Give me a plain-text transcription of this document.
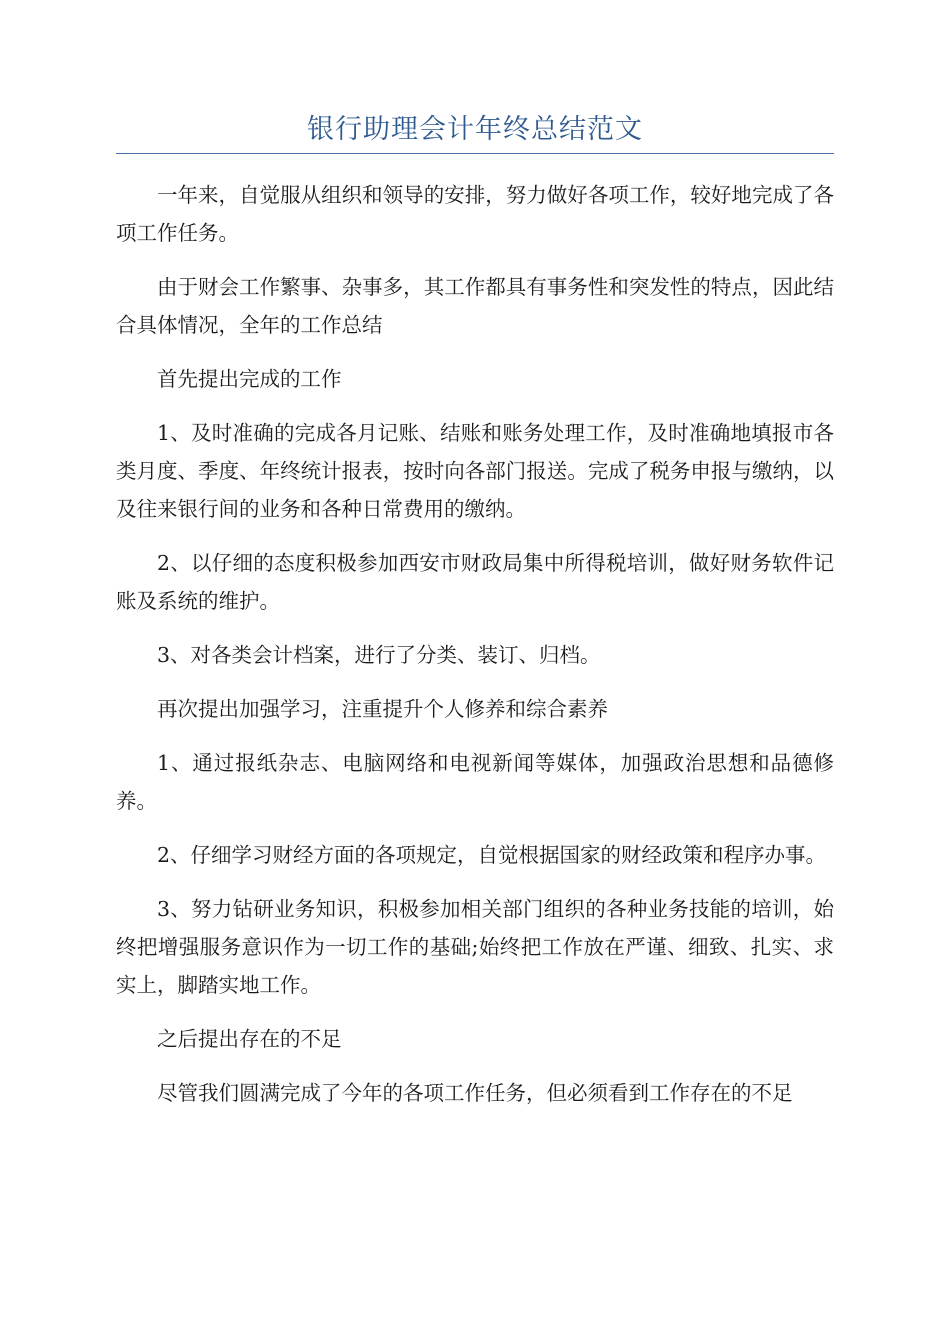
银行助理会计年终总结范文

一年来，自觉服从组织和领导的安排，努力做好各项工作，较好地完成了各项工作任务。

由于财会工作繁事、杂事多，其工作都具有事务性和突发性的特点，因此结合具体情况，全年的工作总结

首先提出完成的工作

1、及时准确的完成各月记账、结账和账务处理工作，及时准确地填报市各类月度、季度、年终统计报表，按时向各部门报送。完成了税务申报与缴纳，以及往来银行间的业务和各种日常费用的缴纳。

2、以仔细的态度积极参加西安市财政局集中所得税培训，做好财务软件记账及系统的维护。

3、对各类会计档案，进行了分类、装订、归档。

再次提出加强学习，注重提升个人修养和综合素养

1、通过报纸杂志、电脑网络和电视新闻等媒体，加强政治思想和品德修养。

2、仔细学习财经方面的各项规定，自觉根据国家的财经政策和程序办事。

3、努力钻研业务知识，积极参加相关部门组织的各种业务技能的培训，始终把增强服务意识作为一切工作的基础;始终把工作放在严谨、细致、扎实、求实上，脚踏实地工作。

之后提出存在的不足

尽管我们圆满完成了今年的各项工作任务，但必须看到工作存在的不足
